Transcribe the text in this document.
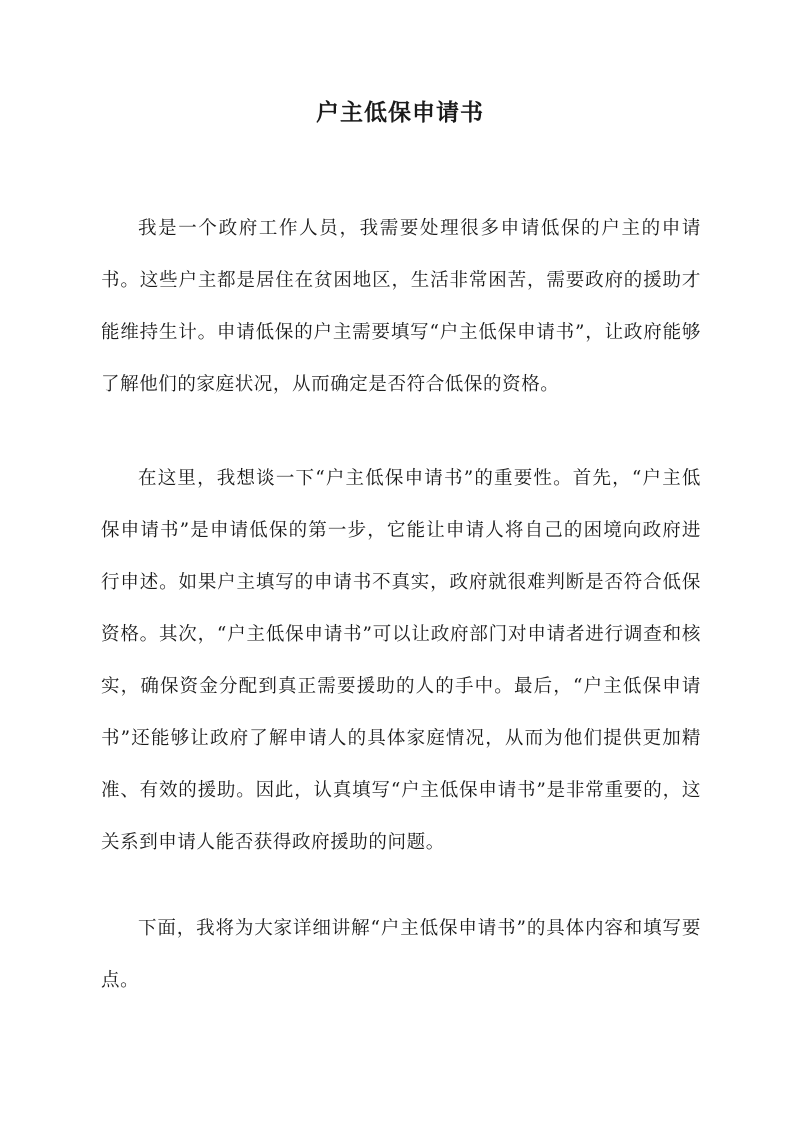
户主低保申请书

我是一个政府工作人员，我需要处理很多申请低保的户主的申请书。这些户主都是居住在贫困地区，生活非常困苦，需要政府的援助才能维持生计。申请低保的户主需要填写“户主低保申请书”，让政府能够了解他们的家庭状况，从而确定是否符合低保的资格。

在这里，我想谈一下“户主低保申请书”的重要性。首先，“户主低保申请书”是申请低保的第一步，它能让申请人将自己的困境向政府进行申述。如果户主填写的申请书不真实，政府就很难判断是否符合低保资格。其次，“户主低保申请书”可以让政府部门对申请者进行调查和核实，确保资金分配到真正需要援助的人的手中。最后，“户主低保申请书”还能够让政府了解申请人的具体家庭情况，从而为他们提供更加精准、有效的援助。因此，认真填写“户主低保申请书”是非常重要的，这关系到申请人能否获得政府援助的问题。

下面，我将为大家详细讲解“户主低保申请书”的具体内容和填写要点。
